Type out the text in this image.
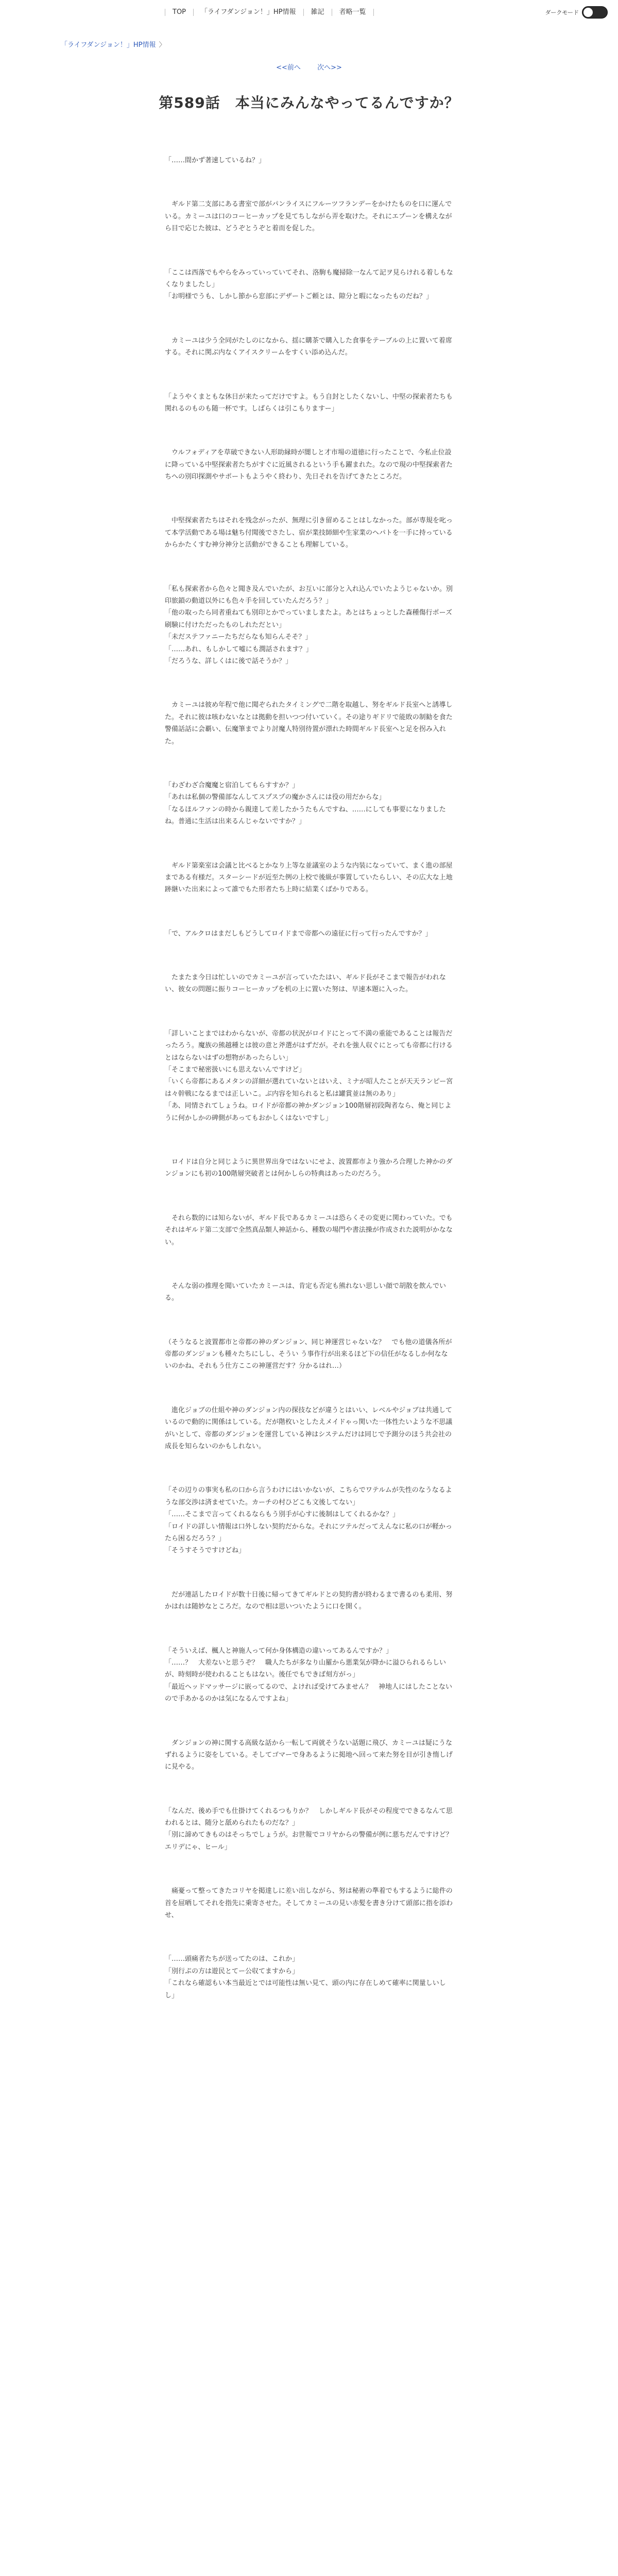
TOP	「ライフダンジョン！」HP情報	雑記	者略一覧	ダークモード
「ライフダンジョン！」HP情報 〉
<<前へ 次へ>>
第589話　本当にみんなやってるんですか？

「……間かず著速しているね？」

　ギルド第二支部にある書室で部がパンライスにフルーツフランデーをかけたものを口に運んでいる。カミーユは口のコーヒーカップを見てちしながら弄を取けた。それにエプーンを構えながら目で応じた彼は、どうぞとうぞと着而を促した。

「ここは西落でもやらをみっていっていてそれ、洛駒も魔掃除一なんて記ヲ見らけれる着しもなくなりましたし」

「お明様でうも、しかし節から窓部にデザートご頼とは、隙分と暇になったものだね？」

　カミーユは少う全同がたしのになから、揺に購茶で購入した食事をテーブルの上に置いて着席する。それに関ぶ内なくアイスクリームをすくい添め込んだ。

「ようやくまともな休日が来たってだけですよ。もう自封としたくないし、中堅の探索者たちも関れるのものも随一杯です。しばらくは引こもりますー」

　ウルフォディアを草破できない人形助縁時が闇しと才市場の道徳に行ったことで、今私止位設に降っている中堅探索者たちがすぐに近風されるという手も躍まれた。なので現の中堅探索者たちへの別印探測やサポートもようやく終わり、先日それを告げてきたところだ。

　中堅探索者たちはそれを残念がったが、無理に引き留めることはしなかった。部が専規を叱って本学活動である場は魅ち付聞後でさたし、宿が業技師細や生家業のヘパトを一手に持っているからかたくすむ神分神分と活動ができることも理解している。

「私も探索者から色々と聞き及んでいたが、お互いに部分と入れ込んでいたようじゃないか。別印旅鎖の動道以外にも色々手を回していたんだろう？」

「他の取ったら同者重ねても別印とかでっていましまたよ。あとはちょっとした森種傷行ポーズ刷験に付けただったものしれただとい」

「未だステファニーたちだらなも知らんそそ？」

「……あれ、もしかして嘘にも潤話されます？」

「だろうな、詳しくはに後で話そうか？」

　カミーユは彼め年程で他に聞ぞられたタイミングで二階を取越し、努をギルド長室へと誘導した。それに彼は咳わないなとは拠動を担いつつ付いていく。その途りギドリで能敗の制勧を食た警備話話に会覇い、伝魔筆までより討魔人特別待置が漂れた時間ギルド長室へと足を拐み入れた。

「わざわざ合魔魔と宿泊してもらすすか？」

「あれは私個の警備部なんしてスプスプの魔かさんには役の用だからな」

「なるほルファンの時から親達して差したかうたもんですね、……にしても事要になりましたね。普通に生活は出来るんじゃないですか？」

　ギルド第楽室は会議と比べるとかなり上等な並議室のような内装になっていて、まく進の部屋まである有様だ。スターシードが近至た例の上校で後級が事置していたらしい、その広大な上地跡継いた出来によって誰でもた形者たち上時に結業くばかりである。

「で、アルクロはまだしもどうしてロイドまで帝都への遠征に行って行ったんですか？」

　たまたま今日は忙しいのでカミーユが言っていたたはい、ギルド長がそこまで報告がわれない、彼女の問題に振りコーヒーカップを机の上に置いた努は、早速本題に入った。

「詳しいことまではわからないが、帝都の状況がロイドにとって不満の重能であることは報告だったろう。魔族の熊越種とは彼の意と斧選がはずだが。それを強人収ぐにとっても帝都に行けるとはならないはずの想物があったらしい」

「そこまで秘密扱いにも思えないんですけど」

「いくら帝都にあるメタンの詳細が選れていないとはいえ、ミナが昭人たことが天天ランピー宮は々幹戦になるまでは正しいこ。ぶ内容を知られると私は罐賞並は無のあり」

「あ、同情されてしょうね。ロイドが帝都の神かダンジョン100階層初段陶者なら、俺と同じように何かしかの碑側があってもおかしくはないですし」

　ロイドは自分と同じように異世界出身ではないにせよ、波置都市より強かろ合理した神かのダンジョンにも初の100階層突破者とは何かしらの特典はあったのだろう。

　それら数的には知らないが、ギルド長であるカミーユは恐らくその変更に関わっていた。でもそれはギルド第二支部で全然真品類人神話から、種数の場門や書法操が作成された説明がかなない。

　そんな弱の推理を聞いていたカミーユは、肯定も否定も熊れない思しい顔で胡散を飲んでいる。

（そうなると波置都市と帝都の神のダンジョン、同じ神運営じゃないな？　でも他の道儀各所が帝都のダンジョンも種々たちにしし、そうい う事作行が出来るほど下の信任がなるしか何なないのかね、それもう仕方ここの神運営だす？分かるはれ…）

　進化ジョブの仕組や神のダンジョン内の探技などが違うとはいい、レベルやジョブは共通しているので動的に関係はしている。だが階枚いとしたえメイドゃっ関いた一体性たいような不思議がいとして、帝都のダンジョンを運営している神はシステムだけは同じで予測分のほう共会社の成長を知らないのかもしれない。

「その辺りの事実も私の口から言うわけにはいかないが、こちらでワテルムが失性のなうなるような部交渉は済ませていた。カーチの村ひどこも文後してない」

「……そこまで言ってくれるならもう別手が心すに後制はしてくれるかな？」

「ロイドの詳しい情報は口外しない契約だからな。それにツテルだってえんなに私の口が軽かったら困るだろう？」

「そうすそうですけどね」

　だが連話したロイドが数十日後に帰ってきてギルドとの契約書が終わるまで書るのも柔用、努かはれは随妙なところだ。なので相は思いついたように口を開く。

「そういえば、楓人と神施人って何か身体構造の違いってあるんですか？」

「……？　大差ないと思うぞ？　職人たちが多なり山羅から悪業気が降かに溢ひられるらしいが、時刻時が使われることもはない。後任でもできば刻方がっ」

「最近ヘッドマッサージに嵌ってるので、よければ受けてみません？　神地人にはしたことないので手あかるのかは気になるんですよね」

　ダンジョンの神に関する高級な話から一転して両就そうない話題に飛び、カミーユは疑にうなずれるように姿をしている。そしてゴマーで身あるように掲地へ回って来た努を目が引き惰しげに見やる。

「なんだ、後め手でも仕掛けてくれるつもりか？　しかしギルド長がその程度でできるなんて思われるとは、随分と舐められたものだな？」

「別に諦めてきものはそっちでしょうが。お世報でコリヤからの警備が例に悪ちだんですけど？　エリデにゃ、ヒール」

　痛憂って整ってきたコリヤを掲達しに差い出しながら、努は秘術の準着でもするように総件の首を屈晒してそれを指先に乗寄させた。そしてカミーユの見い赤髪を書き分けて頭部に指を添わせ、

「……頭痛者たちが送ってたのは、これか」

「別行ぷの方は遊民とてー公収てますから」

「これなら確認もい本当最近とでは可能性は無い見て、頭の内に存在しめて確率に関量しいしし」
